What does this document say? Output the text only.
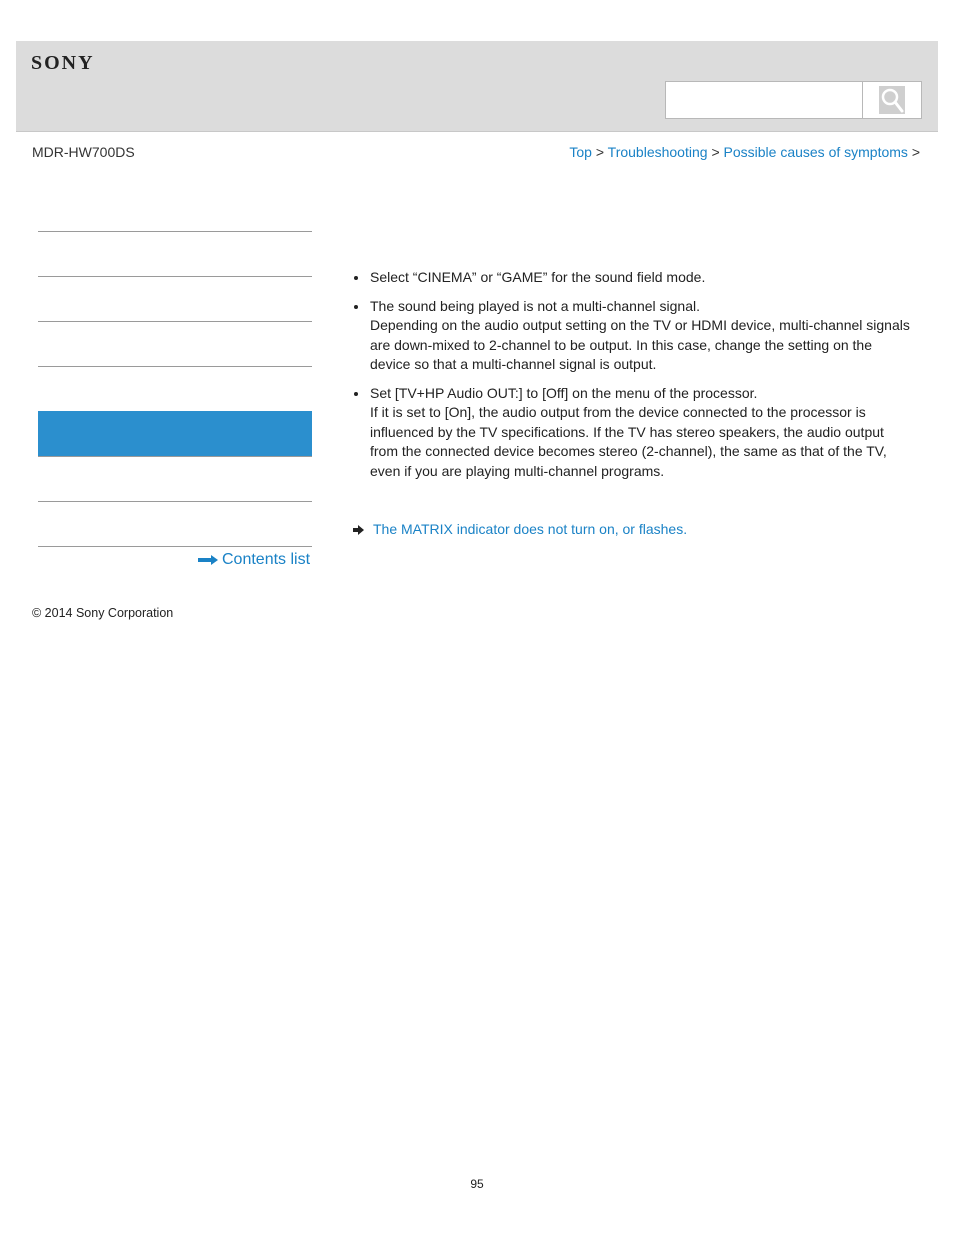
SONY
MDR-HW700DS	Top > Troubleshooting > Possible causes of symptoms >
Contents list
Select “CINEMA” or “GAME” for the sound field mode.
The sound being played is not a multi-channel signal.
Depending on the audio output setting on the TV or HDMI device, multi-channel signals are down-mixed to 2-channel to be output. In this case, change the setting on the device so that a multi-channel signal is output.
Set [TV+HP Audio OUT:] to [Off] on the menu of the processor.
If it is set to [On], the audio output from the device connected to the processor is influenced by the TV specifications. If the TV has stereo speakers, the audio output from the connected device becomes stereo (2-channel), the same as that of the TV, even if you are playing multi-channel programs.
The MATRIX indicator does not turn on, or flashes.
© 2014 Sony Corporation
95
